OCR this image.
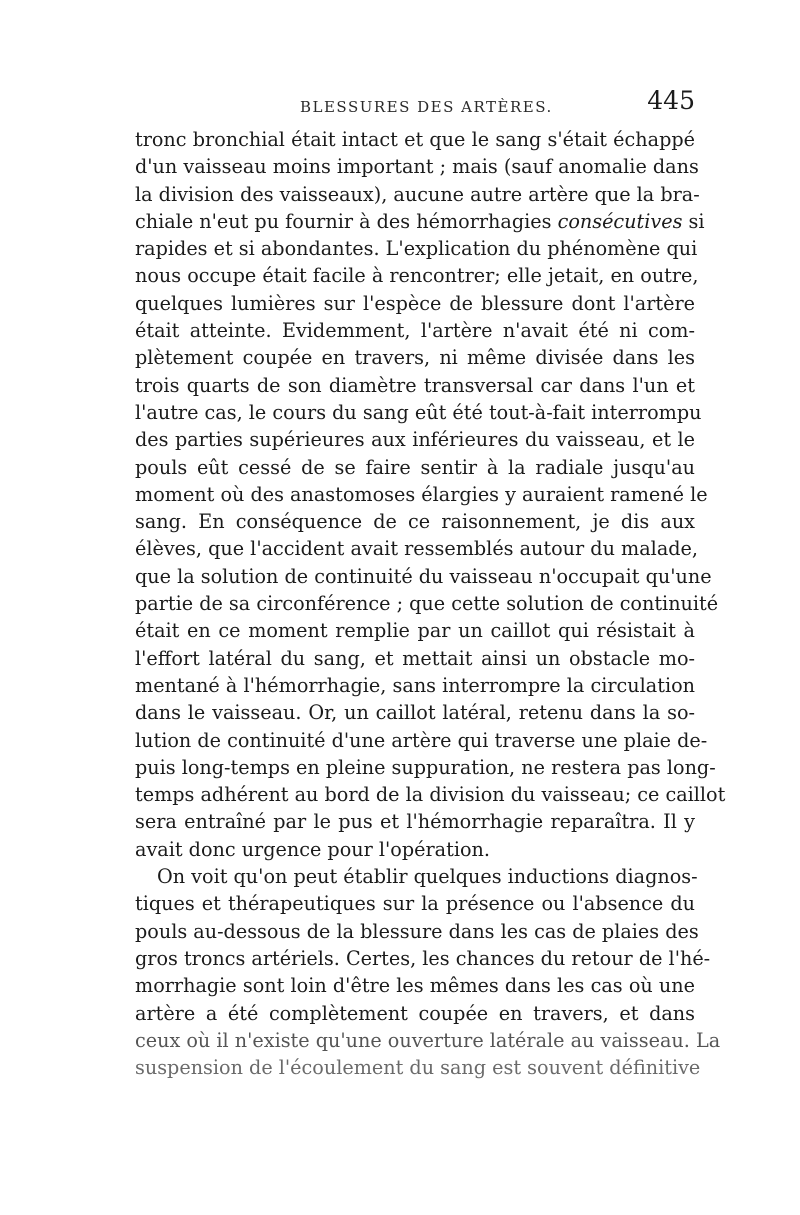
BLESSURES DES ARTÈRES.	445
tronc bronchial était intact et que le sang s'était échappé
d'un vaisseau moins important ; mais (sauf anomalie dans
la division des vaisseaux), aucune autre artère que la bra-
chiale n'eut pu fournir à des hémorrhagies consécutives si
rapides et si abondantes. L'explication du phénomène qui
nous occupe était facile à rencontrer; elle jetait, en outre,
quelques lumières sur l'espèce de blessure dont l'artère
était atteinte. Evidemment, l'artère n'avait été ni com-
plètement coupée en travers, ni même divisée dans les
trois quarts de son diamètre transversal car dans l'un et
l'autre cas, le cours du sang eût été tout-à-fait interrompu
des parties supérieures aux inférieures du vaisseau, et le
pouls eût cessé de se faire sentir à la radiale jusqu'au
moment où des anastomoses élargies y auraient ramené le
sang. En conséquence de ce raisonnement, je dis aux
élèves, que l'accident avait ressemblés autour du malade,
que la solution de continuité du vaisseau n'occupait qu'une
partie de sa circonférence ; que cette solution de continuité
était en ce moment remplie par un caillot qui résistait à
l'effort latéral du sang, et mettait ainsi un obstacle mo-
mentané à l'hémorrhagie, sans interrompre la circulation
dans le vaisseau. Or, un caillot latéral, retenu dans la so-
lution de continuité d'une artère qui traverse une plaie de-
puis long-temps en pleine suppuration, ne restera pas long-
temps adhérent au bord de la division du vaisseau; ce caillot
sera entraîné par le pus et l'hémorrhagie reparaîtra. Il y
avait donc urgence pour l'opération.
On voit qu'on peut établir quelques inductions diagnos-
tiques et thérapeutiques sur la présence ou l'absence du
pouls au-dessous de la blessure dans les cas de plaies des
gros troncs artériels. Certes, les chances du retour de l'hé-
morrhagie sont loin d'être les mêmes dans les cas où une
artère a été complètement coupée en travers, et dans
ceux où il n'existe qu'une ouverture latérale au vaisseau. La
suspension de l'écoulement du sang est souvent définitive
